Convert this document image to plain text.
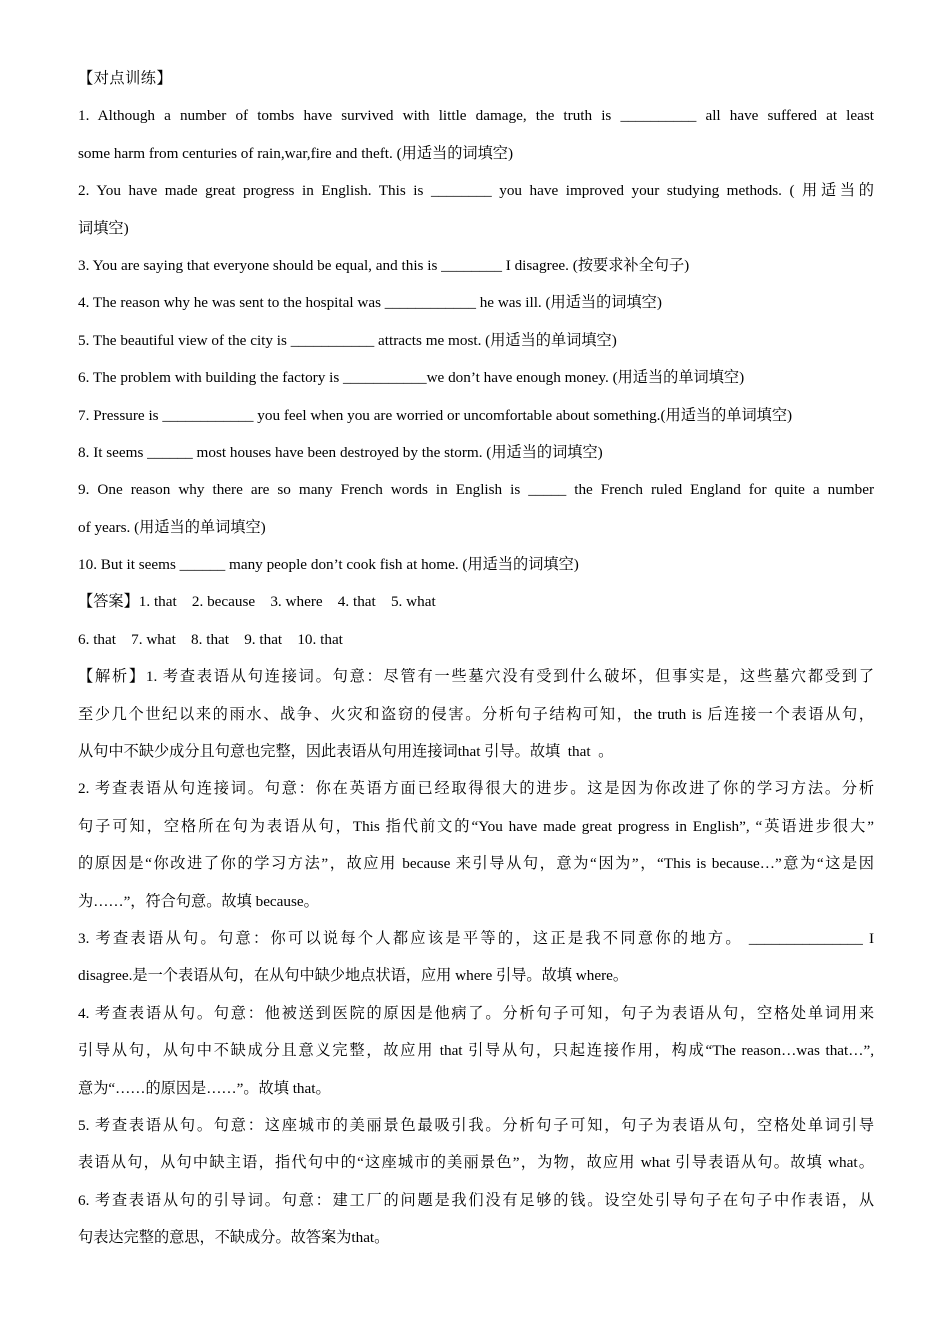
【对点训练】
1. Although a number of tombs have survived with little damage, the truth is __________ all have suffered at least
some harm from centuries of rain,war,fire and theft. (用适当的词填空)
2. You have made great progress in English. This is ________ you have improved your studying methods. ( 用适当的
词填空)
3. You are saying that everyone should be equal, and this is ________ I disagree. (按要求补全句子)
4. The reason why he was sent to the hospital was ____________ he was ill. (用适当的词填空)
5. The beautiful view of the city is ___________ attracts me most. (用适当的单词填空)
6. The problem with building the factory is ___________we don’t have enough money. (用适当的单词填空)
7. Pressure is ____________ you feel when you are worried or uncomfortable about something.(用适当的单词填空)
8. It seems ______ most houses have been destroyed by the storm. (用适当的词填空)
9. One reason why there are so many French words in English is _____ the French ruled England for quite a number
of years. (用适当的单词填空)
10. But it seems ______ many people don’t cook fish at home. (用适当的词填空)
【答案】1. that    2. because    3. where    4. that    5. what
6. that    7. what    8. that    9. that    10. that
【解析】1. 考查表语从句连接词。句意：尽管有一些墓穴没有受到什么破坏，但事实是，这些墓穴都受到了
至少几个世纪以来的雨水、战争、火灾和盗窃的侵害。分析句子结构可知，the truth is 后连接一个表语从句，
从句中不缺少成分且句意也完整，因此表语从句用连接词that 引导。故填  that  。
2. 考查表语从句连接词。句意：你在英语方面已经取得很大的进步。这是因为你改进了你的学习方法。分析
句子可知，空格所在句为表语从句，This 指代前文的“You have made great progress in English”, “英语进步很大”
的原因是“你改进了你的学习方法”，故应用 because 来引导从句，意为“因为”，“This is because…”意为“这是因
为……”，符合句意。故填 because。
3. 考查表语从句。句意：你可以说每个人都应该是平等的，这正是我不同意你的地方。 _______________ I
disagree.是一个表语从句，在从句中缺少地点状语，应用 where 引导。故填 where。
4. 考查表语从句。句意：他被送到医院的原因是他病了。分析句子可知，句子为表语从句，空格处单词用来
引导从句，从句中不缺成分且意义完整，故应用 that 引导从句，只起连接作用，构成“The reason…was that…”,
意为“……的原因是……”。故填 that。
5. 考查表语从句。句意：这座城市的美丽景色最吸引我。分析句子可知，句子为表语从句，空格处单词引导
表语从句，从句中缺主语，指代句中的“这座城市的美丽景色”，为物，故应用 what 引导表语从句。故填 what。
6. 考查表语从句的引导词。句意：建工厂的问题是我们没有足够的钱。设空处引导句子在句子中作表语，从
句表达完整的意思，不缺成分。故答案为that。
